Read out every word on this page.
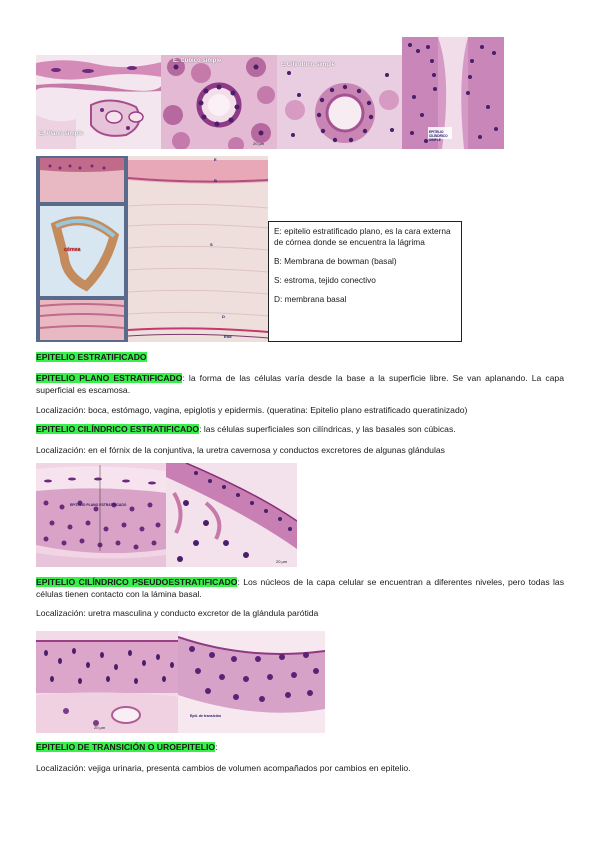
E. Plano simple
E. Cúbico simple
20 µm
E.Cilíndrico simple
EPITELIO CILÍNDRICO SIMPLE
córnea
E
B
S
D
End

E: epitelio estratificado plano, es la cara externa de córnea donde se encuentra la lágrima

B: Membrana de bowman (basal)

S: estroma, tejido conectivo

D: membrana basal

EPITELIO ESTRATIFICADO
EPITELIO PLANO ESTRATIFICADO: la forma de las células varía desde la base a la superficie libre. Se van aplanando. La capa superficial es escamosa.
Localización: boca, estómago, vagina, epiglotis y epidermis. (queratina: Epitelio plano estratificado queratinizado)
EPITELIO CILÍNDRICO ESTRATIFICADO: las células superficiales son cilíndricas, y las basales son cúbicas.
Localización: en el fórnix de la conjuntiva, la uretra cavernosa y conductos excretores de algunas glándulas
EPITELIO PLANO ESTRATIFICADO
20 µm
EPITELIO CILÍNDRICO PSEUDOESTRATIFICADO: Los núcleos de la capa celular se encuentran a diferentes niveles, pero todas las células tienen contacto con la lámina basal.
Localización: uretra masculina y conducto excretor de la glándula parótida
20 µm
Epit. de transición
EPITELIO DE TRANSICIÓN O UROEPITELIO:
Localización: vejiga urinaria, presenta cambios de volumen acompañados por cambios en epitelio.
